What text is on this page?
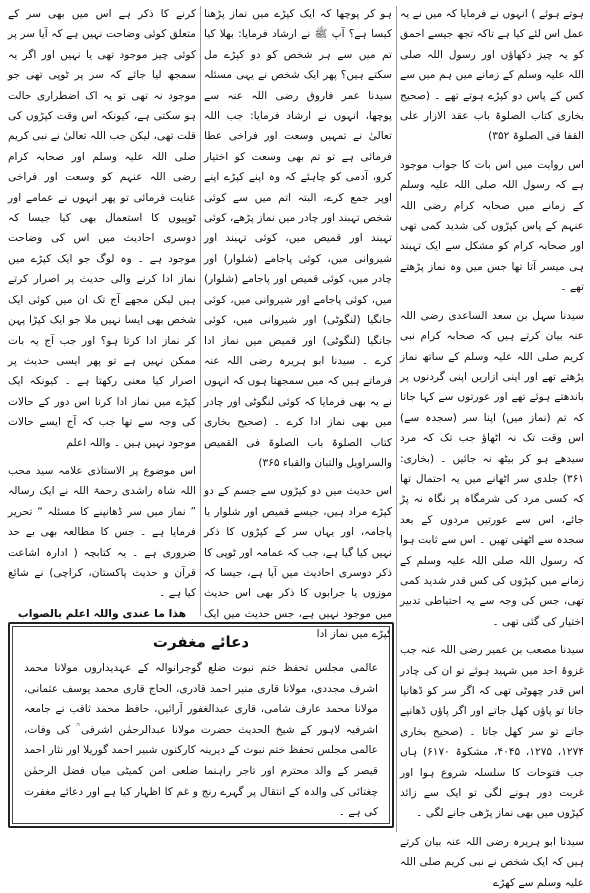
ہوتے ہوئے ) انہوں نے فرمایا کہ میں نے یہ عمل اس لئے کیا ہے تاکہ تجھ جیسے احمق کو یہ چیز دکھاؤں اور رسول اللہ صلی اللہ علیہ وسلم کے زمانے میں ہم میں سے کس کے پاس دو کپڑے ہوتے تھے ۔ (صحیح بخاری کتاب الصلوۃ باب عقد الازار علی القفا فی الصلوۃ ۳۵۲)

اس روایت میں اس بات کا جواب موجود ہے کہ رسول اللہ صلی اللہ علیہ وسلم کے زمانے میں صحابہ کرام رضی اللہ عنہم کے پاس کپڑوں کی شدید کمی تھی اور صحابہ کرام کو مشکل سے ایک تہبند ہی میسر آتا تھا جس میں وہ نماز پڑھتے تھے ۔

سیدنا سہل بن سعد الساعدی رضی اللہ عنہ بیان کرتے ہیں کہ صحابہ کرام نبی کریم صلی اللہ علیہ وسلم کے ساتھ نماز پڑھتے تھے اور اپنی ازاریں اپنی گردنوں پر باندھتے ہوئے تھے اور عورتوں سے کہا جاتا کہ تم (نماز میں) اپنا سر (سجدہ سے) اس وقت تک نہ اٹھاؤ جب تک کہ مرد سیدھے ہو کر بیٹھ نہ جائیں ۔ (بخاری: ۳۶۱) جلدی سر اٹھانے میں یہ احتمال تھا کہ کسی مرد کی شرمگاہ پر نگاہ نہ پڑ جائے، اس سے عورتیں مردوں کے بعد سجدہ سے اٹھتی تھیں ۔ اس سے ثابت ہوا کہ رسول اللہ صلی اللہ علیہ وسلم کے زمانے میں کپڑوں کی کس قدر شدید کمی تھی، جس کی وجہ سے یہ احتیاطی تدبیر اختیار کی گئی تھی ۔

سیدنا مصعب بن عمیر رضی اللہ عنہ جب غزوۂ احد میں شہید ہوئے تو ان کی چادر اس قدر چھوٹی تھی کہ اگر سر کو ڈھانپا جاتا تو پاؤں کھل جاتے اور اگر پاؤں ڈھانپے جاتے تو سر کھل جاتا ۔ (صحیح بخاری ۱۲۷۴، ۱۲۷۵، ۴۰۴۵، مشکوۃ ۶۱۷۰) ہاں جب فتوحات کا سلسلہ شروع ہوا اور غربت دور ہونے لگی تو ایک سے زائد کپڑوں میں بھی نماز پڑھی جانے لگی ۔

سیدنا ابو ہریرہ رضی اللہ عنہ بیان کرتے ہیں کہ ایک شخص نے نبی کریم صلی اللہ علیہ وسلم سے کھڑے

ہو کر پوچھا کہ ایک کپڑے میں نماز پڑھنا کیسا ہے؟ آپ ﷺ نے ارشاد فرمایا: بھلا کیا تم میں سے ہر شخص کو دو کپڑے مل سکتے ہیں؟ پھر ایک شخص نے یہی مسئلہ سیدنا عمر فاروق رضی اللہ عنہ سے پوچھا، انہوں نے ارشاد فرمایا: جب اللہ تعالیٰ نے تمہیں وسعت اور فراخی عطا فرمائی ہے تو تم بھی وسعت کو اختیار کرو، آدمی کو چاہئے کہ وہ اپنے کپڑے اپنے اوپر جمع کرے، البتہ اتم میں سے کوئی شخص تہبند اور چادر میں نماز پڑھے، کوئی تہبند اور قمیص میں، کوئی تہبند اور شیروانی میں، کوئی پاجامے (شلوار) اور چادر میں، کوئی قمیص اور پاجامے (شلوار) میں، کوئی پاجامے اور شیروانی میں، کوئی جانگیا (لنگوٹی) اور شیروانی میں، کوئی جانگیا (لنگوٹی) اور قمیص میں نماز ادا کرے ۔ سیدنا ابو ہریرہ رضی اللہ عنہ فرماتے ہیں کہ میں سمجھتا ہوں کہ انہوں نے یہ بھی فرمایا کہ کوئی لنگوٹی اور چادر میں بھی نماز ادا کرے ۔ (صحیح بخاری کتاب الصلوۃ باب الصلوۃ فی القمیص والسراویل والتبان والقباء ۳۶۵)

اس حدیث میں دو کپڑوں سے جسم کے دو کپڑے مراد ہیں، جیسے قمیص اور شلوار یا پاجامہ، اور یہاں سر کے کپڑوں کا ذکر نہیں کیا گیا ہے، جب کہ عمامہ اور ٹوپی کا ذکر دوسری احادیث میں آیا ہے، جیسا کہ موزوں یا جرابوں کا ذکر بھی اس حدیث میں موجود نہیں ہے، جس حدیث میں ایک کپڑے میں نماز ادا

کرنے کا ذکر ہے اس میں بھی سر کے متعلق کوئی وضاحت نہیں ہے کہ آیا سر پر کوئی چیز موجود تھی یا نہیں اور اگر یہ سمجھ لیا جائے کہ سر پر ٹوپی تھی جو موجود نہ تھی تو یہ اک اضطراری حالت ہو سکتی ہے، کیونکہ اس وقت کپڑوں کی قلت تھی، لیکن جب اللہ تعالیٰ نے نبی کریم صلی اللہ علیہ وسلم اور صحابہ کرام رضی اللہ عنہم کو وسعت اور فراخی عنایت فرمائی تو پھر انہوں نے عمامے اور ٹوپیوں کا استعمال بھی کیا جیسا کہ دوسری احادیث میں اس کی وضاحت موجود ہے ۔ وہ لوگ جو ایک کپڑے میں نماز ادا کرنے والی حدیث پر اصرار کرتے ہیں لیکن مجھے آج تک ان میں کوئی ایک شخص بھی ایسا نہیں ملا جو ایک کپڑا پہن کر نماز ادا کرتا ہو؟ اور جب آج یہ بات ممکن نہیں ہے تو پھر ایسی حدیث پر اصرار کیا معنی رکھتا ہے ۔ کیونکہ ایک کپڑے میں نماز ادا کرنا اس دور کے حالات کی وجہ سے تھا جب کہ آج ایسے حالات موجود نہیں ہیں ۔ واللہ اعلم

اس موضوع پر الاستاذی علامہ سید محب اللہ شاہ راشدی رحمۃ اللہ نے ایک رسالہ ” نماز میں سر ڈھانپنے کا مسئلہ “ تحریر فرمایا ہے ۔ جس کا مطالعہ بھی بے حد ضروری ہے ۔ یہ کتابچہ ( ادارہ اشاعت قرآن و حدیث پاکستان، کراچی) نے شائع کیا ہے ۔

ھذا ما عندی واللہ اعلم بالصواب

دعائے مغفرت
عالمی مجلس تحفظ ختم نبوت ضلع گوجرانوالہ کے عہدیداروں مولانا محمد اشرف مجددی، مولانا قاری منیر احمد قادری، الحاج قاری محمد یوسف عثمانی، مولانا محمد عارف شامی، قاری عبدالغفور آرائیں، حافظ محمد ثاقب نے جامعہ اشرفیہ لاہور کے شیخ الحدیث حضرت مولانا عبدالرحمٰن اشرفی ؒ کی وفات، عالمی مجلس تحفظ ختم نبوت کے دیرینہ کارکنوں شبیر احمد گوریلا اور نثار احمد قیصر کے والد محترم اور تاجر راہنما ضلعی امن کمیٹی میاں فضل الرحمٰن چغتائی کی والدہ کے انتقال پر گہرے رنج و غم کا اظہار کیا ہے اور دعائے مغفرت کی ہے ۔
